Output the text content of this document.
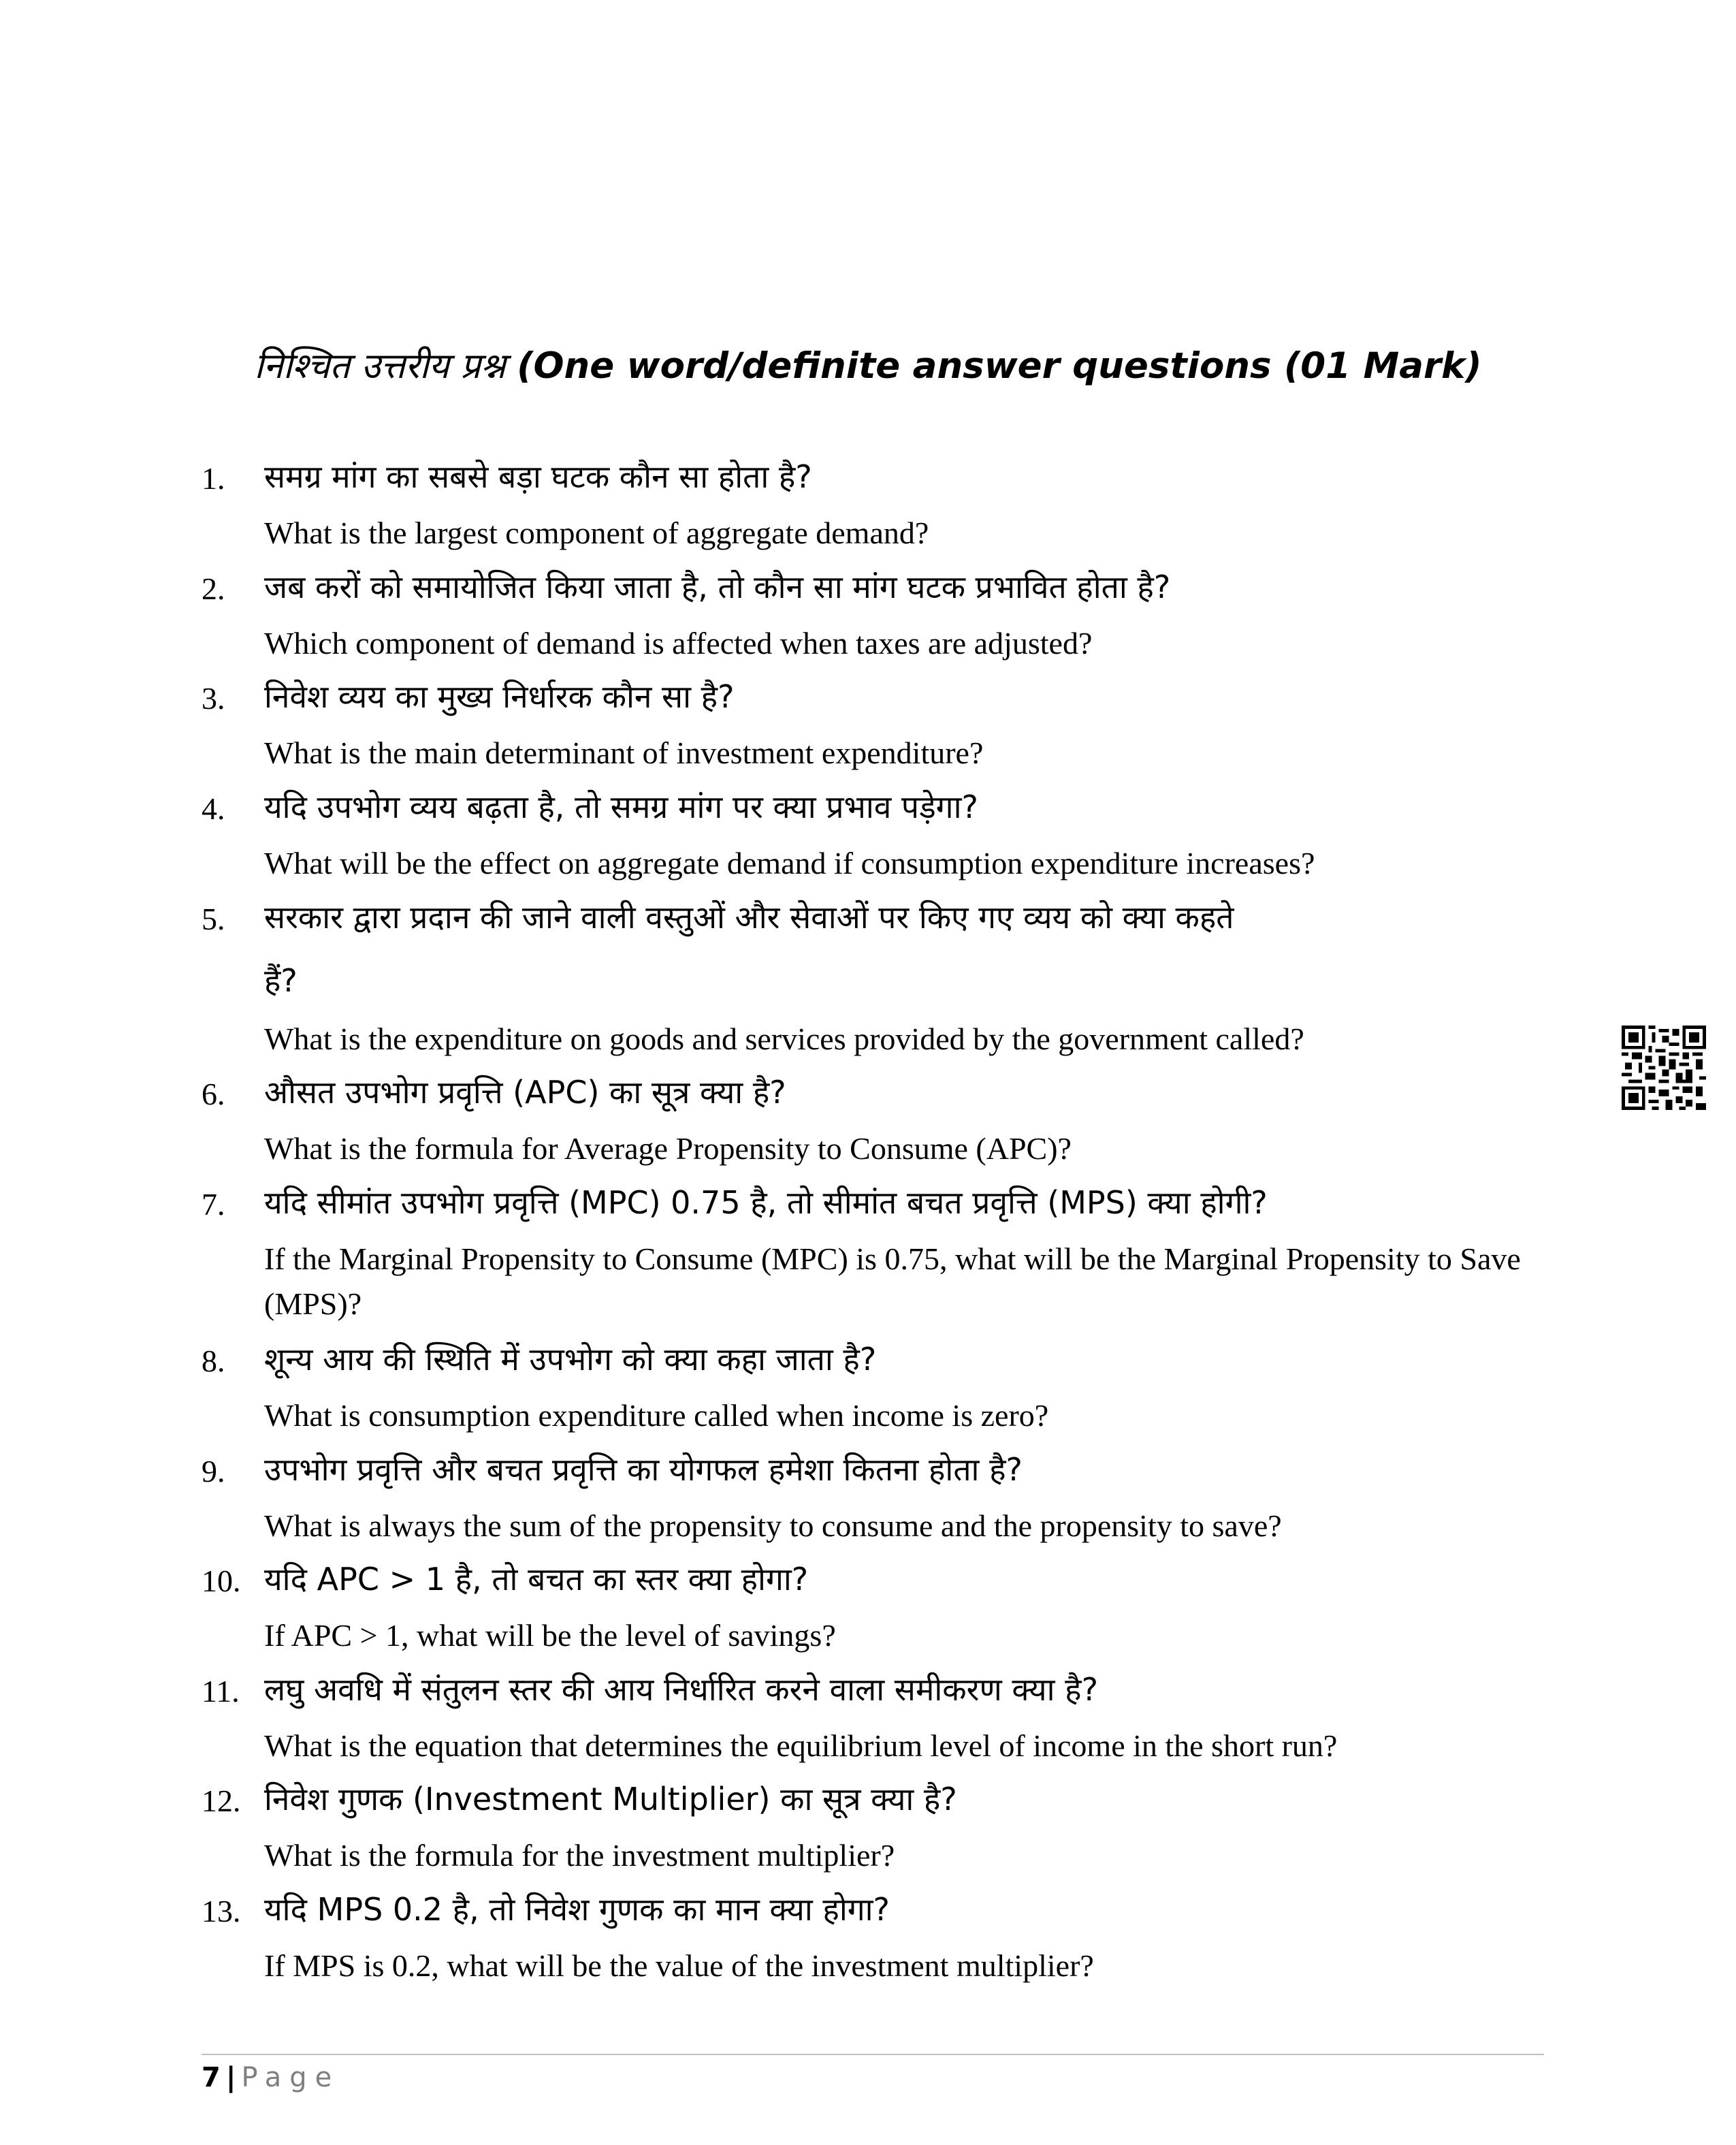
निश्चित उत्तरीय प्रश्न (One word/definite answer questions (01 Mark)
1. समग्र मांग का सबसे बड़ा घटक कौन सा होता है?
What is the largest component of aggregate demand?
2. जब करों को समायोजित किया जाता है, तो कौन सा मांग घटक प्रभावित होता है?
Which component of demand is affected when taxes are adjusted?
3. निवेश व्यय का मुख्य निर्धारक कौन सा है?
What is the main determinant of investment expenditure?
4. यदि उपभोग व्यय बढ़ता है, तो समग्र मांग पर क्या प्रभाव पड़ेगा?
What will be the effect on aggregate demand if consumption expenditure increases?
5. सरकार द्वारा प्रदान की जाने वाली वस्तुओं और सेवाओं पर किए गए व्यय को क्या कहते
हैं?
What is the expenditure on goods and services provided by the government called?
6. औसत उपभोग प्रवृत्ति (APC) का सूत्र क्या है?
What is the formula for Average Propensity to Consume (APC)?
7. यदि सीमांत उपभोग प्रवृत्ति (MPC) 0.75 है, तो सीमांत बचत प्रवृत्ति (MPS) क्या होगी?
If the Marginal Propensity to Consume (MPC) is 0.75, what will be the Marginal Propensity to Save (MPS)?
8. शून्य आय की स्थिति में उपभोग को क्या कहा जाता है?
What is consumption expenditure called when income is zero?
9. उपभोग प्रवृत्ति और बचत प्रवृत्ति का योगफल हमेशा कितना होता है?
What is always the sum of the propensity to consume and the propensity to save?
10. यदि APC > 1 है, तो बचत का स्तर क्या होगा?
If APC > 1, what will be the level of savings?
11. लघु अवधि में संतुलन स्तर की आय निर्धारित करने वाला समीकरण क्या है?
What is the equation that determines the equilibrium level of income in the short run?
12. निवेश गुणक (Investment Multiplier) का सूत्र क्या है?
What is the formula for the investment multiplier?
13. यदि MPS 0.2 है, तो निवेश गुणक का मान क्या होगा?
If MPS is 0.2, what will be the value of the investment multiplier?
7 | Page
